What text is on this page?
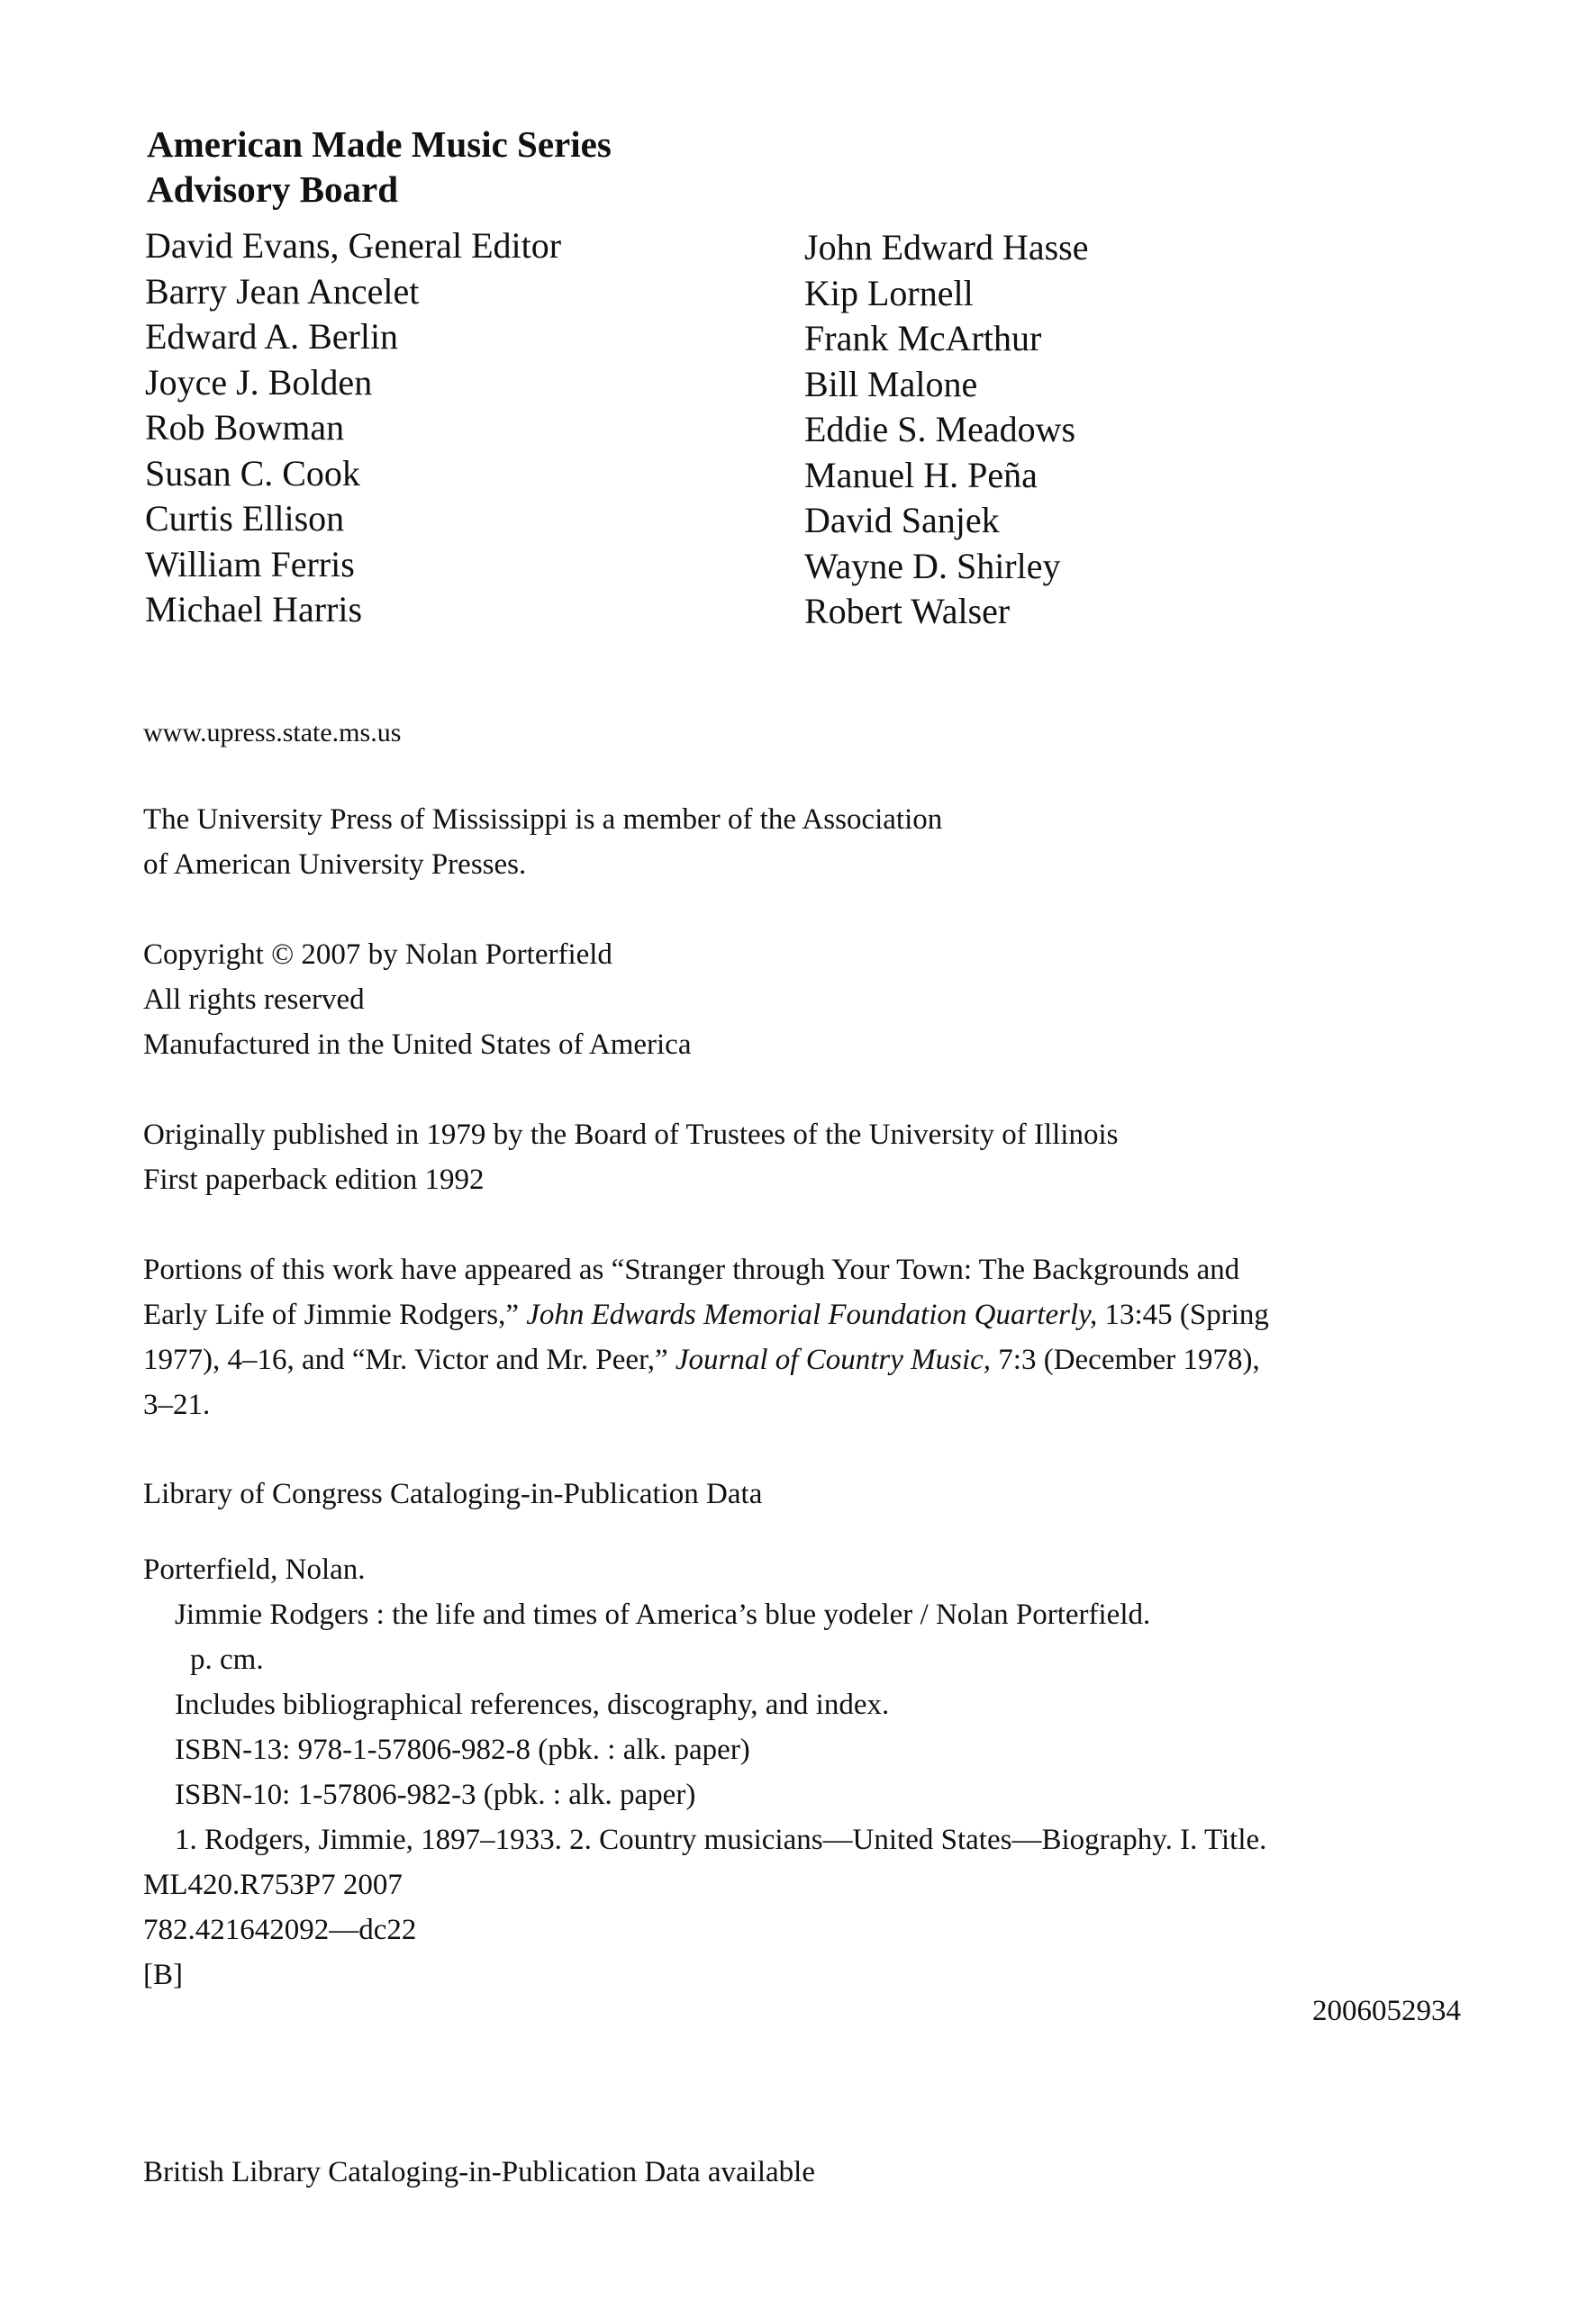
American Made Music Series
Advisory Board
David Evans, General Editor
Barry Jean Ancelet
Edward A. Berlin
Joyce J. Bolden
Rob Bowman
Susan C. Cook
Curtis Ellison
William Ferris
Michael Harris
John Edward Hasse
Kip Lornell
Frank McArthur
Bill Malone
Eddie S. Meadows
Manuel H. Peña
David Sanjek
Wayne D. Shirley
Robert Walser
www.upress.state.ms.us
The University Press of Mississippi is a member of the Association
of American University Presses.
Copyright © 2007 by Nolan Porterfield
All rights reserved
Manufactured in the United States of America
Originally published in 1979 by the Board of Trustees of the University of Illinois
First paperback edition 1992
Portions of this work have appeared as “Stranger through Your Town: The Backgrounds and
Early Life of Jimmie Rodgers,” John Edwards Memorial Foundation Quarterly, 13:45 (Spring
1977), 4–16, and “Mr. Victor and Mr. Peer,” Journal of Country Music, 7:3 (December 1978),
3–21.
Library of Congress Cataloging-in-Publication Data
Porterfield, Nolan.
Jimmie Rodgers : the life and times of America’s blue yodeler / Nolan Porterfield.
p. cm.
Includes bibliographical references, discography, and index.
ISBN-13: 978-1-57806-982-8 (pbk. : alk. paper)
ISBN-10: 1-57806-982-3 (pbk. : alk. paper)
1. Rodgers, Jimmie, 1897–1933. 2. Country musicians—United States—Biography. I. Title.
ML420.R753P7 2007
782.421642092—dc22
[B]
2006052934
British Library Cataloging-in-Publication Data available
